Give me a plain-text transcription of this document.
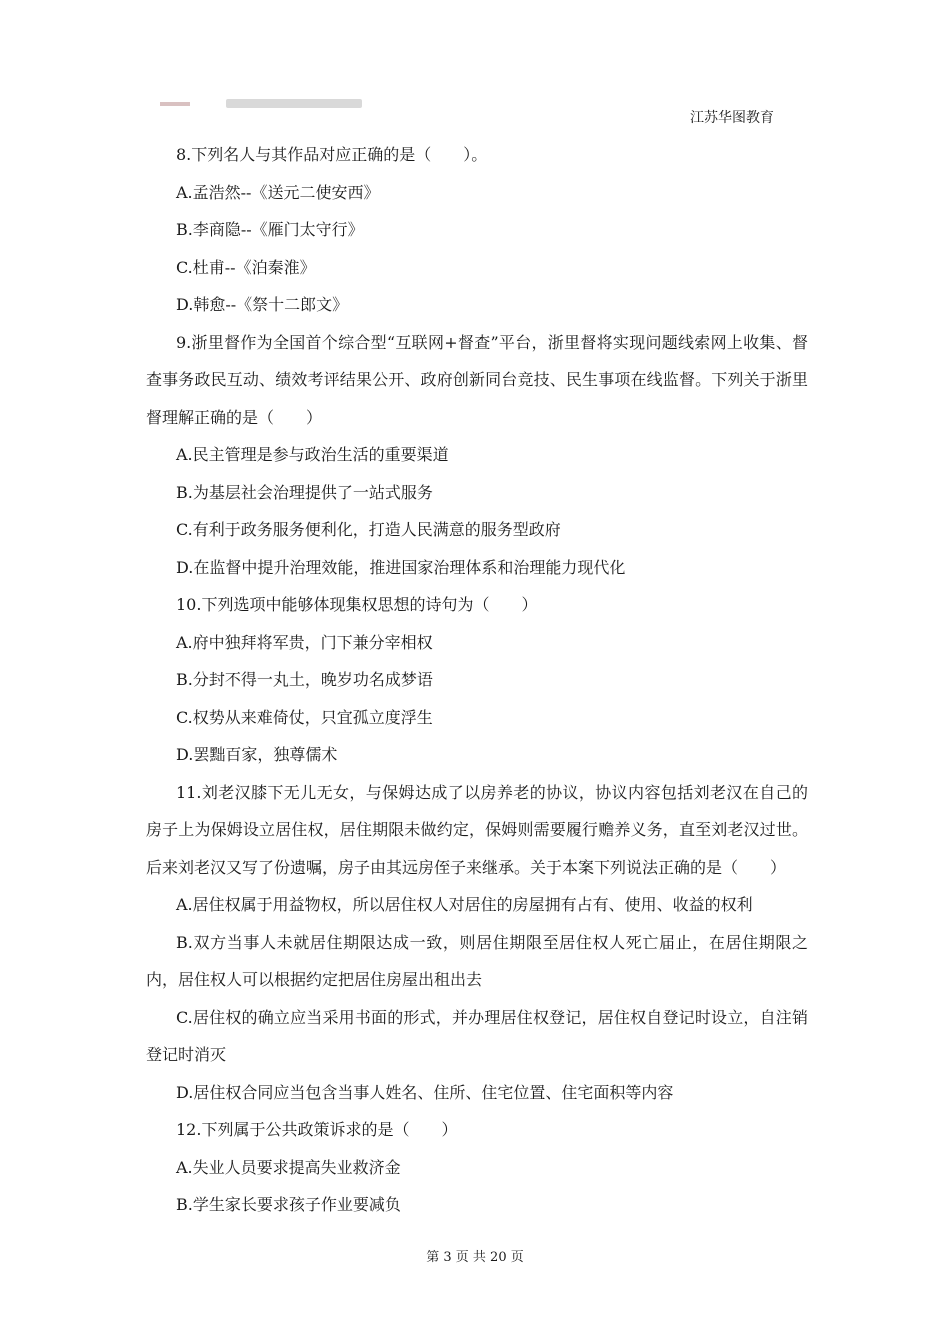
江苏华图教育

8.下列名人与其作品对应正确的是（　　）。

A.孟浩然--《送元二使安西》

B.李商隐--《雁门太守行》

C.杜甫--《泊秦淮》

D.韩愈--《祭十二郎文》

9.浙里督作为全国首个综合型“互联网+督查”平台，浙里督将实现问题线索网上收集、督查事务政民互动、绩效考评结果公开、政府创新同台竞技、民生事项在线监督。下列关于浙里督理解正确的是（　　）

A.民主管理是参与政治生活的重要渠道

B.为基层社会治理提供了一站式服务

C.有利于政务服务便利化，打造人民满意的服务型政府

D.在监督中提升治理效能，推进国家治理体系和治理能力现代化

10.下列选项中能够体现集权思想的诗句为（　　）

A.府中独拜将军贵，门下兼分宰相权

B.分封不得一丸土，晚岁功名成梦语

C.权势从来难倚仗，只宜孤立度浮生

D.罢黜百家，独尊儒术

11.刘老汉膝下无儿无女，与保姆达成了以房养老的协议，协议内容包括刘老汉在自己的房子上为保姆设立居住权，居住期限未做约定，保姆则需要履行赡养义务，直至刘老汉过世。后来刘老汉又写了份遗嘱，房子由其远房侄子来继承。关于本案下列说法正确的是（　　）

A.居住权属于用益物权，所以居住权人对居住的房屋拥有占有、使用、收益的权利

B.双方当事人未就居住期限达成一致，则居住期限至居住权人死亡届止，在居住期限之内，居住权人可以根据约定把居住房屋出租出去

C.居住权的确立应当采用书面的形式，并办理居住权登记，居住权自登记时设立，自注销登记时消灭

D.居住权合同应当包含当事人姓名、住所、住宅位置、住宅面积等内容

12.下列属于公共政策诉求的是（　　）

A.失业人员要求提高失业救济金

B.学生家长要求孩子作业要减负

第 3 页 共 20 页
